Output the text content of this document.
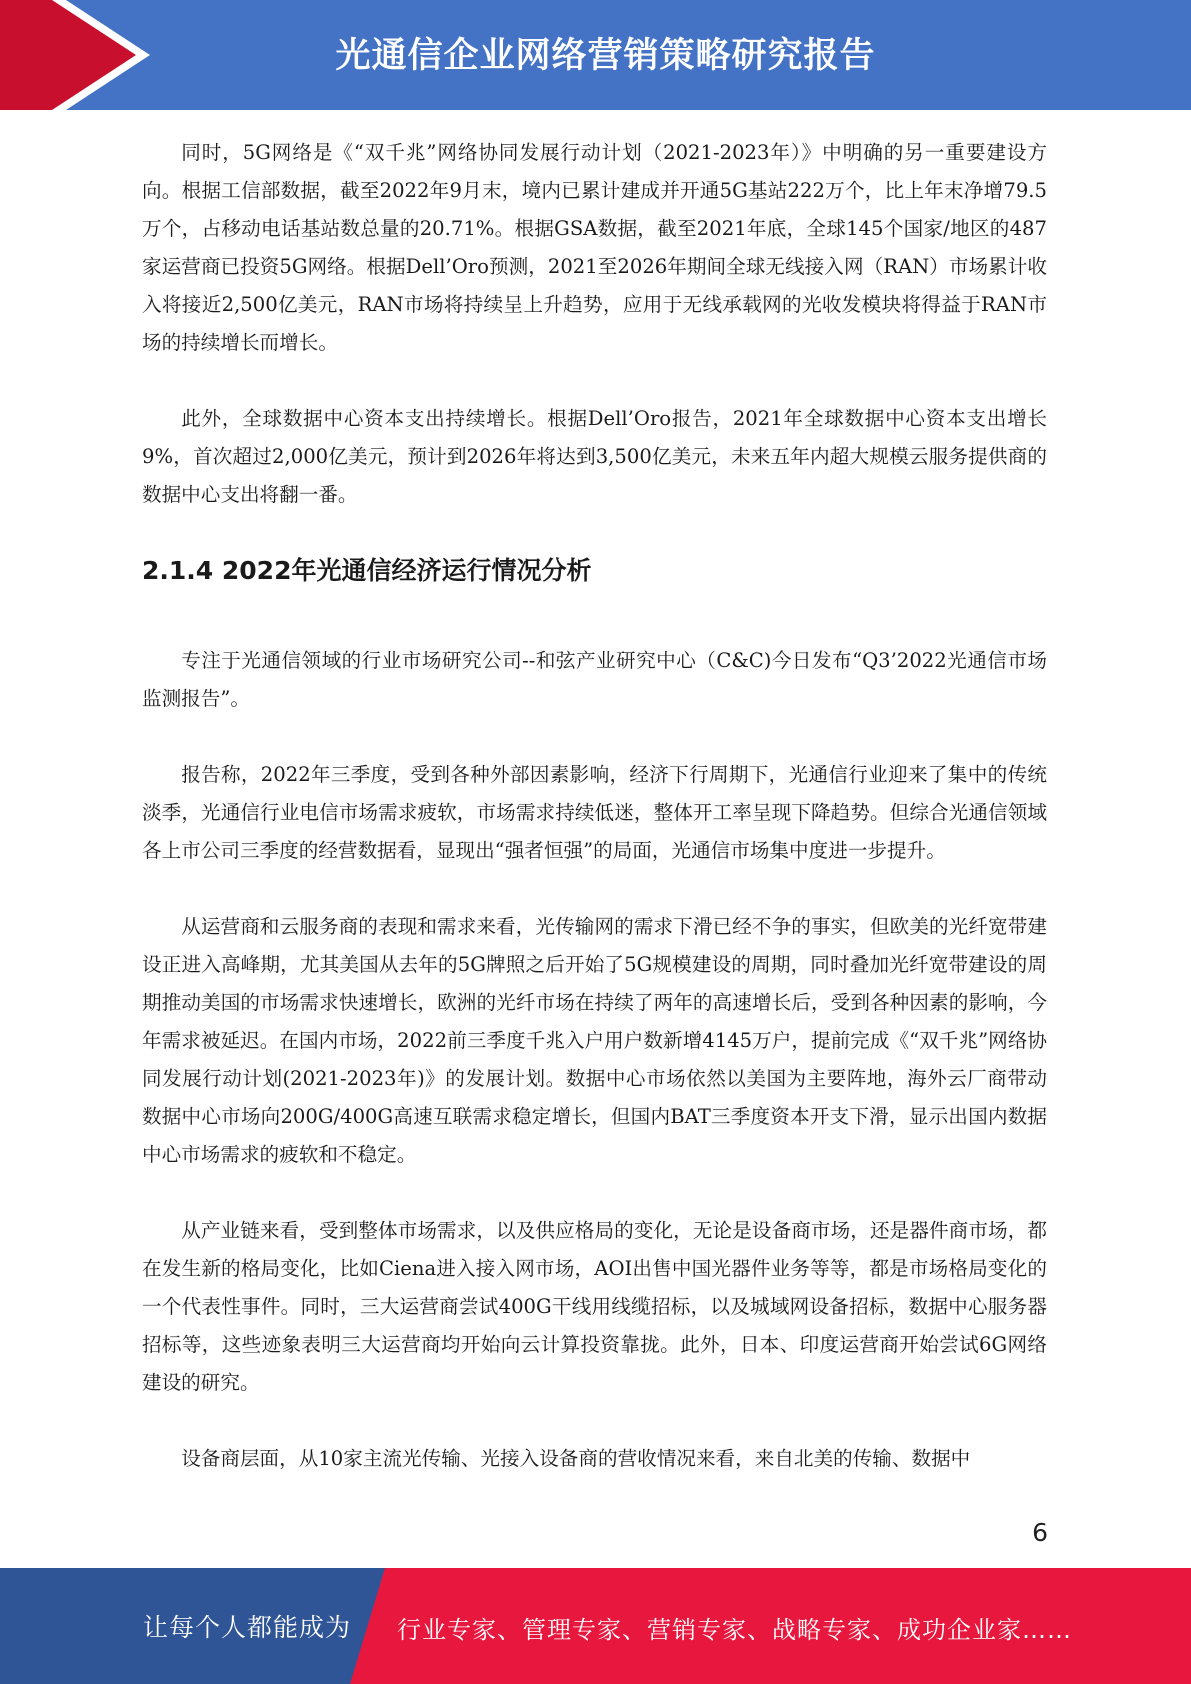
光通信企业网络营销策略研究报告

同时，5G网络是《“双千兆”网络协同发展行动计划（2021-2023年）》中明确的另一重要建设方向。根据工信部数据，截至2022年9月末，境内已累计建成并开通5G基站222万个，比上年末净增79.5万个，占移动电话基站数总量的20.71%。根据GSA数据，截至2021年底，全球145个国家/地区的487家运营商已投资5G网络。根据Dell’Oro预测，2021至2026年期间全球无线接入网（RAN）市场累计收入将接近2,500亿美元，RAN市场将持续呈上升趋势，应用于无线承载网的光收发模块将得益于RAN市场的持续增长而增长。

此外，全球数据中心资本支出持续增长。根据Dell’Oro报告，2021年全球数据中心资本支出增长9%，首次超过2,000亿美元，预计到2026年将达到3,500亿美元，未来五年内超大规模云服务提供商的数据中心支出将翻一番。

2.1.4 2022年光通信经济运行情况分析

专注于光通信领域的行业市场研究公司--和弦产业研究中心（C&C)今日发布“Q3’2022光通信市场监测报告”。

报告称，2022年三季度，受到各种外部因素影响，经济下行周期下，光通信行业迎来了集中的传统淡季，光通信行业电信市场需求疲软，市场需求持续低迷，整体开工率呈现下降趋势。但综合光通信领域各上市公司三季度的经营数据看，显现出“强者恒强”的局面，光通信市场集中度进一步提升。

从运营商和云服务商的表现和需求来看，光传输网的需求下滑已经不争的事实，但欧美的光纤宽带建设正进入高峰期，尤其美国从去年的5G牌照之后开始了5G规模建设的周期，同时叠加光纤宽带建设的周期推动美国的市场需求快速增长，欧洲的光纤市场在持续了两年的高速增长后，受到各种因素的影响，今年需求被延迟。在国内市场，2022前三季度千兆入户用户数新增4145万户，提前完成《“双千兆”网络协同发展行动计划(2021-2023年)》的发展计划。数据中心市场依然以美国为主要阵地，海外云厂商带动数据中心市场向200G/400G高速互联需求稳定增长，但国内BAT三季度资本开支下滑，显示出国内数据中心市场需求的疲软和不稳定。

从产业链来看，受到整体市场需求，以及供应格局的变化，无论是设备商市场，还是器件商市场，都在发生新的格局变化，比如Ciena进入接入网市场，AOI出售中国光器件业务等等，都是市场格局变化的一个代表性事件。同时，三大运营商尝试400G干线用线缆招标，以及城域网设备招标，数据中心服务器招标等，这些迹象表明三大运营商均开始向云计算投资靠拢。此外，日本、印度运营商开始尝试6G网络建设的研究。

设备商层面，从10家主流光传输、光接入设备商的营收情况来看，来自北美的传输、数据中

6
让每个人都能成为 行业专家、管理专家、营销专家、战略专家、成功企业家……
